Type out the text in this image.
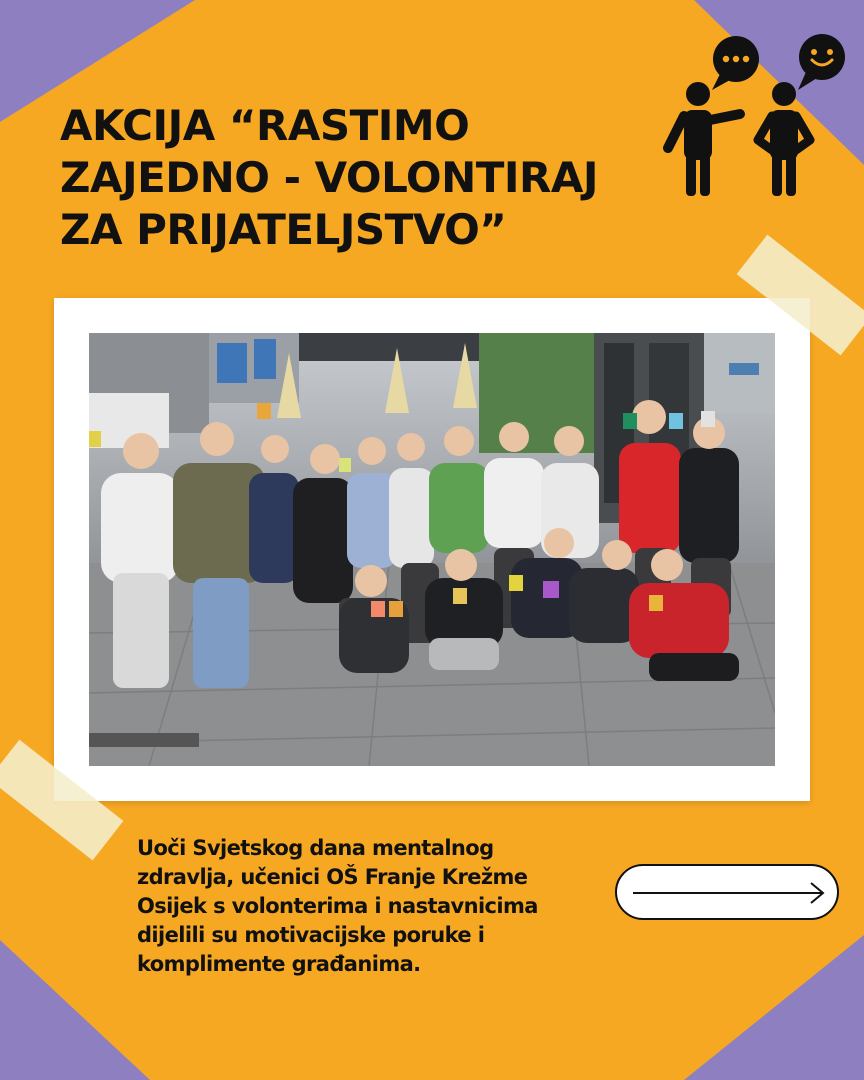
AKCIJA “RASTIMO
ZAJEDNO - VOLONTIRAJ
ZA PRIJATELJSTVO”

Uoči Svjetskog dana mentalnog
zdravlja, učenici OŠ Franje Krežme
Osijek s volonterima i nastavnicima
dijelili su motivacijske poruke i
komplimente građanima.
